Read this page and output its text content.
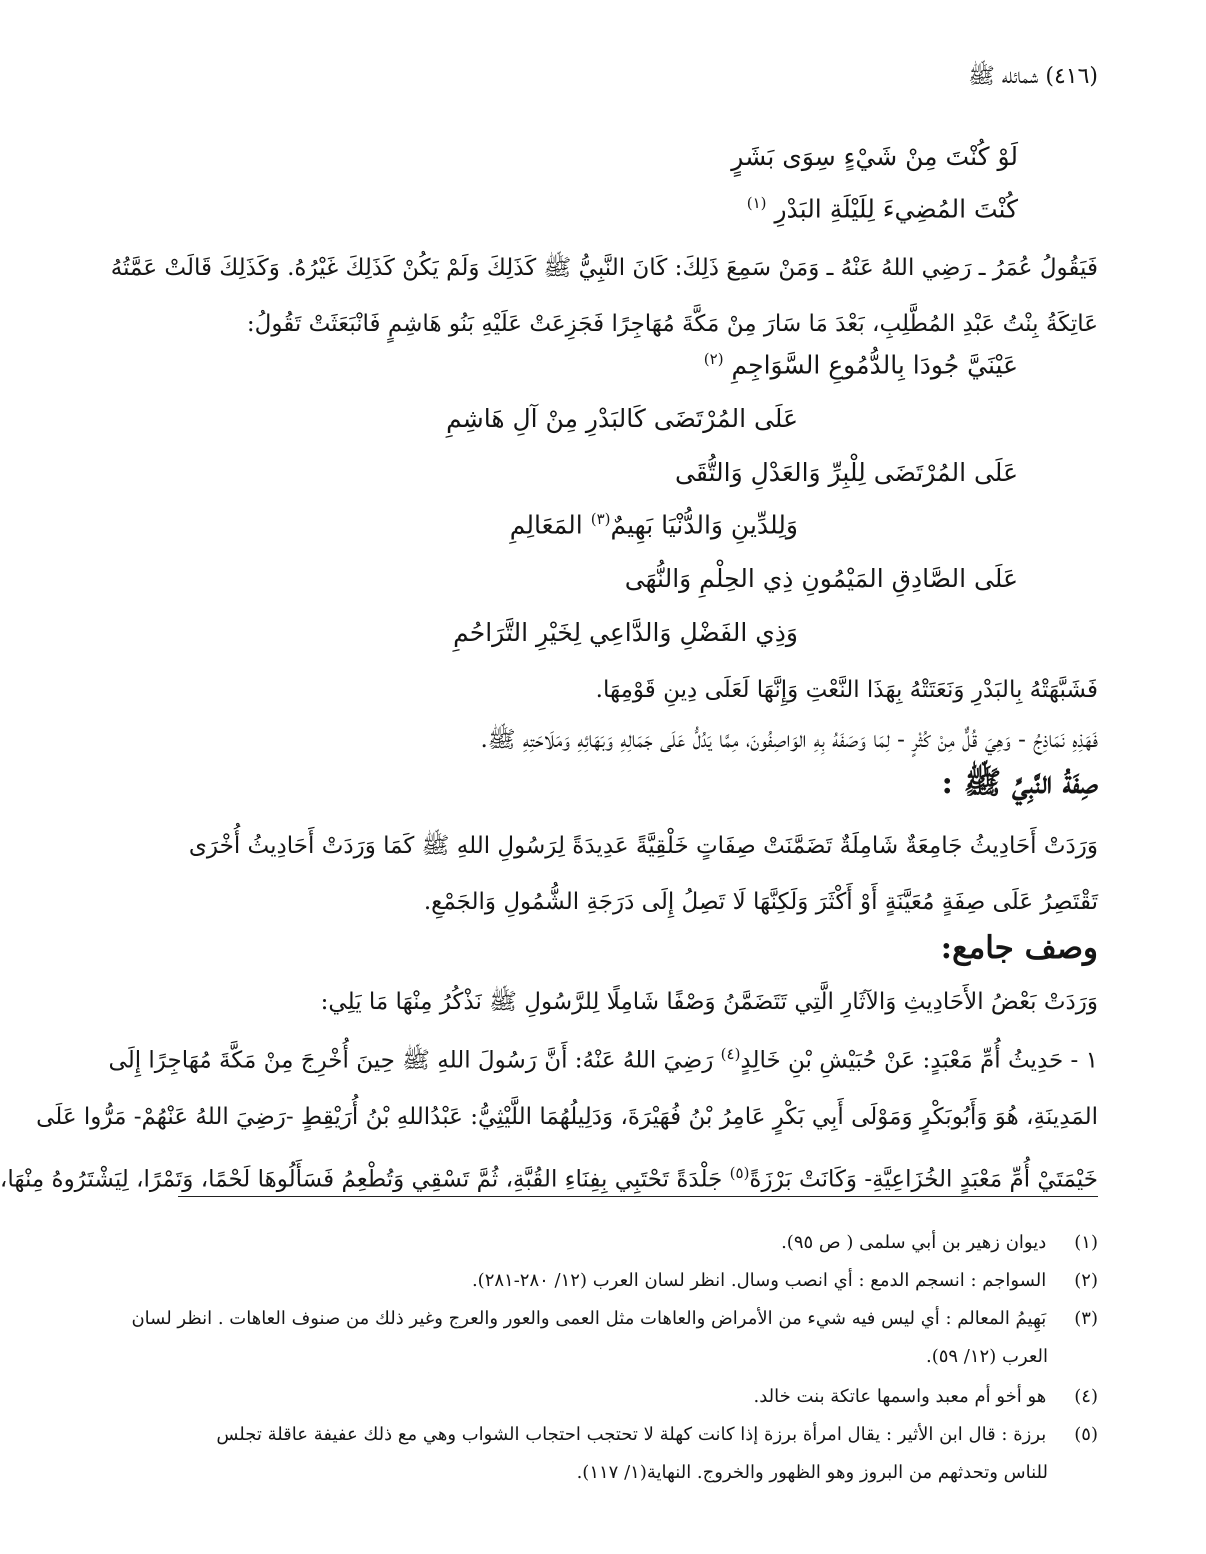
(٤١٦) شمائله ﷺ
لَوْ كُنْتَ مِنْ شَيْءٍ سِوَى بَشَرٍ
كُنْتَ المُضِيءَ لِلَيْلَةِ البَدْرِ $^{(١)}$
فَيَقُولُ عُمَرُ ـ رَضِي اللهُ عَنْهُ ـ وَمَنْ سَمِعَ ذَلِكَ: كَانَ النَّبِيُّ ﷺ كَذَلِكَ وَلَمْ يَكُنْ كَذَلِكَ غَيْرُهُ. وَكَذَلِكَ قَالَتْ عَمَّتُهُ
عَاتِكَةُ بِنْتُ عَبْدِ المُطَّلِبِ، بَعْدَ مَا سَارَ مِنْ مَكَّةَ مُهَاجِرًا فَجَزِعَتْ عَلَيْهِ بَنُو هَاشِمٍ فَانْبَعَثَتْ تَقُولُ:
عَيْنَيَّ جُودَا بِالدُّمُوعِ السَّوَاجِمِ $^{(٢)}$
عَلَى المُرْتَضَى كَالبَدْرِ مِنْ آلِ هَاشِمِ
عَلَى المُرْتَضَى لِلْبِرِّ وَالعَدْلِ وَالتُّقَى
وَلِلدِّينِ وَالدُّنْيَا بَهِيمٌ$^{(٣)}$ المَعَالِمِ
عَلَى الصَّادِقِ المَيْمُونِ ذِي الحِلْمِ وَالنُّهَى
وَذِي الفَضْلِ وَالدَّاعِي لِخَيْرِ التَّرَاحُمِ
فَشَبَّهَتْهُ بِالبَدْرِ وَنَعَتَتْهُ بِهَذَا النَّعْتِ وَإِنَّهَا لَعَلَى دِينِ قَوْمِهَا.
فَهَذِهِ نَمَاذِجُ - وَهِيَ قُلٌّ مِنْ كُثْرٍ - لِمَا وَصَفَهُ بِهِ الوَاصِفُونَ، مِمَّا يَدُلُّ عَلَى جَمَالِهِ وَبَهَائِهِ وَمَلَاحَتِهِ ﷺ.
صِفَةُ النَّبِيِّ ﷺ :
وَرَدَتْ أَحَادِيثُ جَامِعَةٌ شَامِلَةٌ تَضَمَّنَتْ صِفَاتٍ خَلْقِيَّةً عَدِيدَةً لِرَسُولِ اللهِ ﷺ كَمَا وَرَدَتْ أَحَادِيثُ أُخْرَى
تَقْتَصِرُ عَلَى صِفَةٍ مُعَيَّنَةٍ أَوْ أَكْثَرَ وَلَكِنَّهَا لَا تَصِلُ إِلَى دَرَجَةِ الشُّمُولِ وَالجَمْعِ.
وصف جامع:
وَرَدَتْ بَعْضُ الأَحَادِيثِ وَالآثَارِ الَّتِي تَتَضَمَّنُ وَصْفًا شَامِلًا لِلرَّسُولِ ﷺ نَذْكُرُ مِنْهَا مَا يَلِي:
١ - حَدِيثُ أُمِّ مَعْبَدٍ: عَنْ حُبَيْشِ بْنِ خَالِدٍ$^{(٤)}$ رَضِيَ اللهُ عَنْهُ: أَنَّ رَسُولَ اللهِ ﷺ حِينَ أُخْرِجَ مِنْ مَكَّةَ مُهَاجِرًا إِلَى
المَدِينَةِ، هُوَ وَأَبُوبَكْرٍ وَمَوْلَى أَبِي بَكْرٍ عَامِرُ بْنُ فُهَيْرَةَ، وَدَلِيلُهُمَا اللَّيْثِيُّ: عَبْدُاللهِ بْنُ أُرَيْقِطٍ -رَضِيَ اللهُ عَنْهُمْ- مَرُّوا عَلَى
خَيْمَتَيْ أُمِّ مَعْبَدٍ الخُزَاعِيَّةِ- وَكَانَتْ بَرْزَةً$^{(٥)}$ جَلْدَةً تَحْتَبِي بِفِنَاءِ القُبَّةِ، ثُمَّ تَسْقِي وَتُطْعِمُ فَسَأَلُوهَا لَحْمًا، وَتَمْرًا، لِيَشْتَرُوهُ مِنْهَا،
(١) ديوان زهير بن أبي سلمى ( ص ٩٥).
(٢) السواجم : انسجم الدمع : أي انصب وسال. انظر لسان العرب (١٢/ ٢٨٠-٢٨١).
(٣) بَهِيمُ المعالم : أي ليس فيه شيء من الأمراض والعاهات مثل العمى والعور والعرج وغير ذلك من صنوف العاهات . انظر لسان
العرب (١٢/ ٥٩).
(٤) هو أخو أم معبد واسمها عاتكة بنت خالد.
(٥) برزة : قال ابن الأثير : يقال امرأة برزة إذا كانت كهلة لا تحتجب احتجاب الشواب وهي مع ذلك عفيفة عاقلة تجلس
للناس وتحدثهم من البروز وهو الظهور والخروج. النهاية(١/ ١١٧).
